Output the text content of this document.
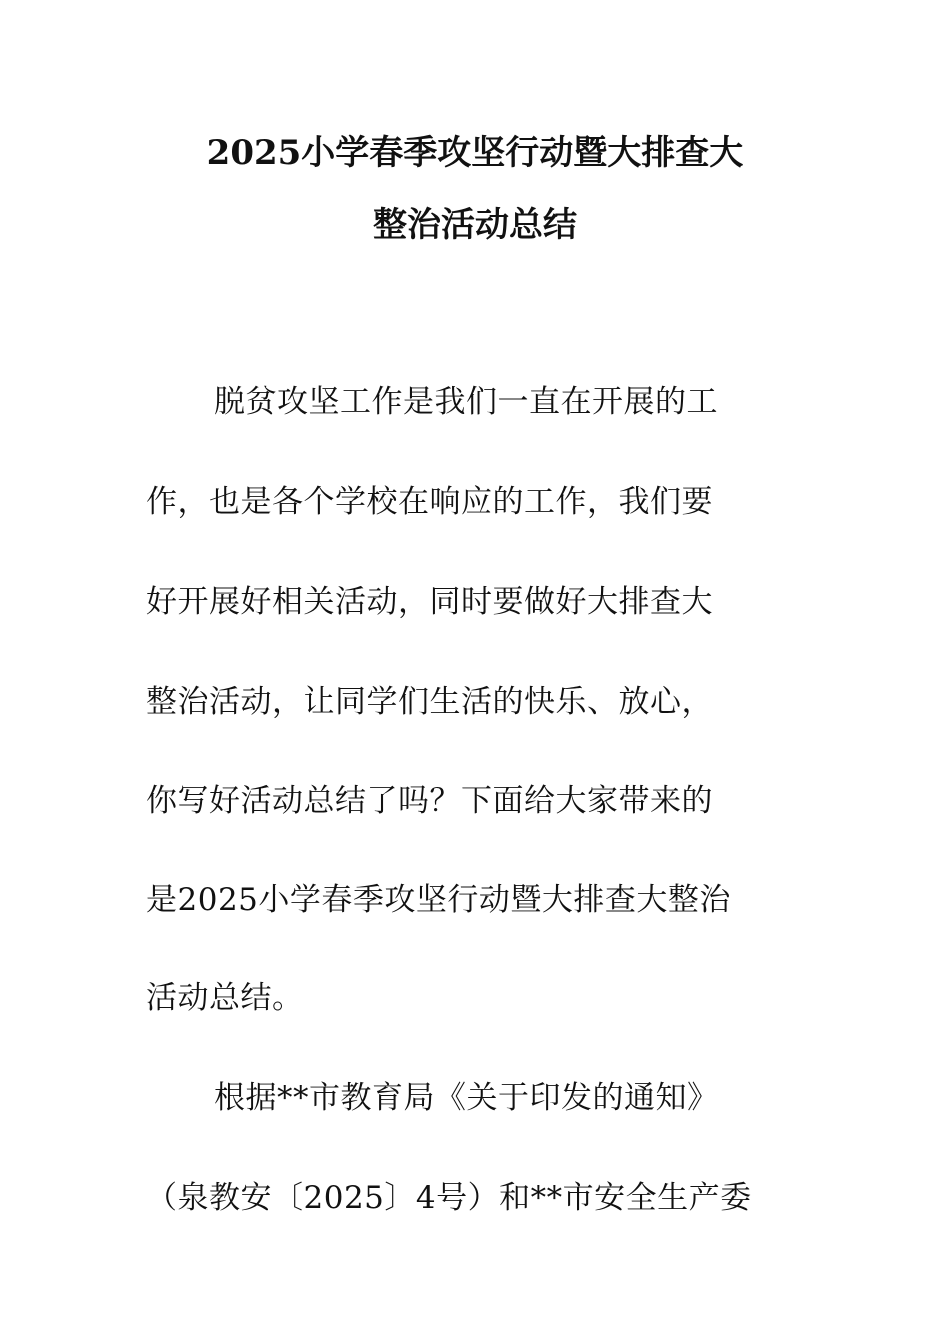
2025小学春季攻坚行动暨大排查大
整治活动总结
脱贫攻坚工作是我们一直在开展的工
作，也是各个学校在响应的工作，我们要
好开展好相关活动，同时要做好大排查大
整治活动，让同学们生活的快乐、放心，
你写好活动总结了吗？下面给大家带来的
是2025小学春季攻坚行动暨大排查大整治
活动总结。
根据**市教育局《关于印发的通知》
（泉教安〔2025〕4号）和**市安全生产委
